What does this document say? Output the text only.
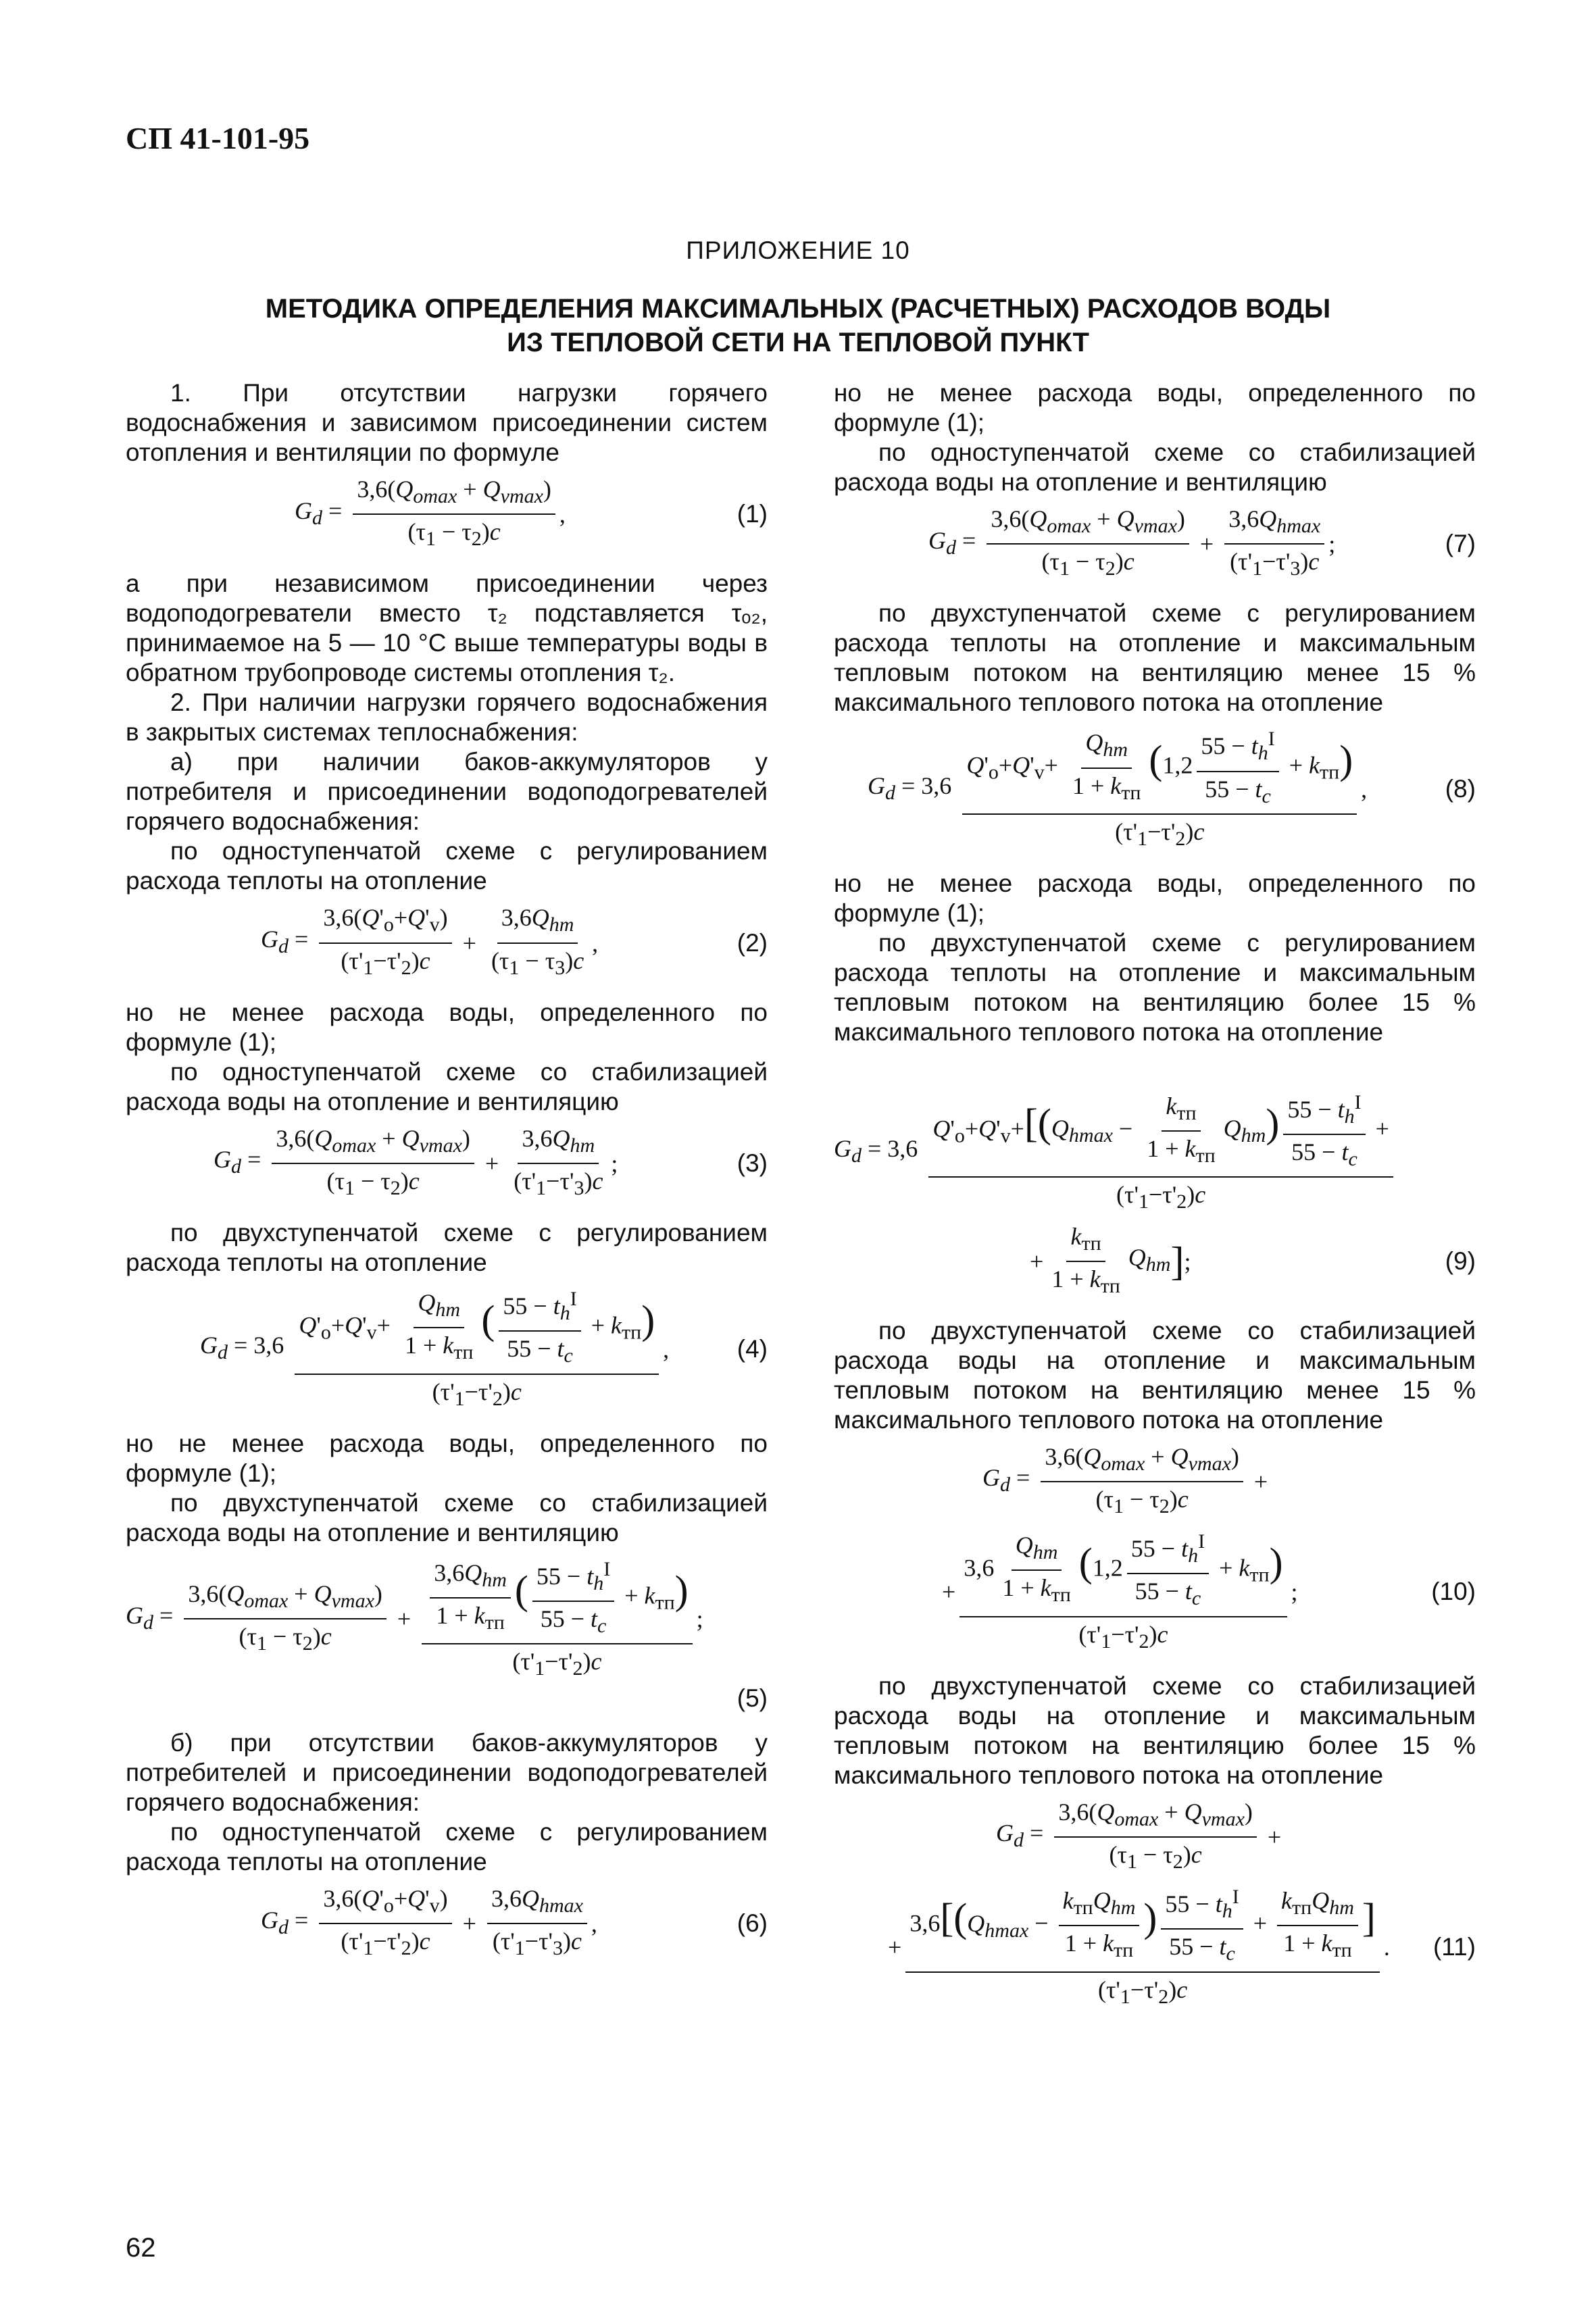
СП 41-101-95
ПРИЛОЖЕНИЕ 10
МЕТОДИКА ОПРЕДЕЛЕНИЯ МАКСИМАЛЬНЫХ (РАСЧЕТНЫХ) РАСХОДОВ ВОДЫ
ИЗ ТЕПЛОВОЙ СЕТИ НА ТЕПЛОВОЙ ПУНКТ

1. При отсутствии нагрузки горячего водоснабжения и зависимом присоединении систем отопления и вентиляции по формуле

$G_d = \frac{3,6(Q_{omax} + Q_{vmax})}{(\tau_1 - \tau_2)c}$ ,	(1)

а при независимом присоединении через водоподогреватели вместо τ₂ подставляется τₒ₂, принимаемое на 5 — 10 °С выше температуры воды в обратном трубопроводе системы отопления τ₂.

2. При наличии нагрузки горячего водоснабжения в закрытых системах теплоснабжения:

а) при наличии баков-аккумуляторов у потребителя и присоединении водоподогревателей горячего водоснабжения:

по одноступенчатой схеме с регулированием расхода теплоты на отопление

$G_d = \frac{3,6(Q'_o+Q'_v)}{(\tau'_1-\tau'_2)c} + \frac{3,6Q_{hm}}{(\tau_1 - \tau_3)c}$ ,	(2)

но не менее расхода воды, определенного по формуле (1);

по одноступенчатой схеме со стабилизацией расхода воды на отопление и вентиляцию

$G_d = \frac{3,6(Q_{omax} + Q_{vmax})}{(\tau_1 - \tau_2)c} + \frac{3,6Q_{hm}}{(\tau'_1-\tau'_3)c}$ ;	(3)

по двухступенчатой схеме с регулированием расхода теплоты на отопление

$G_d = 3,6 \frac{Q'_o+Q'_v+ \frac{Q_{hm}}{1 + k_{тп}} ( \frac{55 - t_h^I}{55 - t_c} + k_{тп})}{(\tau'_1-\tau'_2)c}$ ,	(4)

но не менее расхода воды, определенного по формуле (1);

по двухступенчатой схеме со стабилизацией расхода воды на отопление и вентиляцию

$G_d = \frac{3,6(Q_{omax} + Q_{vmax})}{(\tau_1 - \tau_2)c} + \frac{\frac{3,6Q_{hm}}{1 + k_{тп}} ( \frac{55 - t_h^I}{55 - t_c} + k_{тп})}{(\tau'_1-\tau'_2)c}$ ;
(5)

б) при отсутствии баков-аккумуляторов у потребителей и присоединении водоподогревателей горячего водоснабжения:

по одноступенчатой схеме с регулированием расхода теплоты на отопление

$G_d = \frac{3,6(Q'_o+Q'_v)}{(\tau'_1-\tau'_2)c} + \frac{3,6Q_{hmax}}{(\tau'_1-\tau'_3)c}$ ,	(6)

но не менее расхода воды, определенного по формуле (1);

по одноступенчатой схеме со стабилизацией расхода воды на отопление и вентиляцию

$G_d = \frac{3,6(Q_{omax} + Q_{vmax})}{(\tau_1 - \tau_2)c} + \frac{3,6Q_{hmax}}{(\tau'_1-\tau'_3)c}$ ;	(7)

по двухступенчатой схеме с регулированием расхода теплоты на отопление и максимальным тепловым потоком на вентиляцию менее 15 % максимального теплового потока на отопление

$G_d = 3,6 \frac{Q'_o+Q'_v+ \frac{Q_{hm}}{1 + k_{тп}} (1,2 \frac{55 - t_h^I}{55 - t_c} + k_{тп})}{(\tau'_1-\tau'_2)c}$ ,	(8)

но не менее расхода воды, определенного по формуле (1);

по двухступенчатой схеме с регулированием расхода теплоты на отопление и максимальным тепловым потоком на вентиляцию более 15 % максимального теплового потока на отопление

$G_d = 3,6 \frac{Q'_o+Q'_v+[(Q_{hmax} - \frac{k_{тп}}{1 + k_{тп}} Q_{hm}) \frac{55 - t_h^I}{55 - t_c} +}{(\tau'_1-\tau'_2)c}$
+ $\frac{k_{тп}}{1 + k_{тп}} Q_{hm}$ ] ;	(9)

по двухступенчатой схеме со стабилизацией расхода воды на отопление и максимальным тепловым потоком на вентиляцию менее 15 % максимального теплового потока на отопление

$G_d = \frac{3,6(Q_{omax} + Q_{vmax})}{(\tau_1 - \tau_2)c}$ +
+ $\frac{3,6 \frac{Q_{hm}}{1 + k_{тп}} (1,2 \frac{55 - t_h^I}{55 - t_c} + k_{тп})}{(\tau'_1-\tau'_2)c}$ ;	(10)

по двухступенчатой схеме со стабилизацией расхода воды на отопление и максимальным тепловым потоком на вентиляцию более 15 % максимального теплового потока на отопление

$G_d = \frac{3,6(Q_{omax} + Q_{vmax})}{(\tau_1 - \tau_2)c}$ +
+ $\frac{3,6[(Q_{hmax} - \frac{k_{тп}Q_{hm}}{1 + k_{тп}} ) \frac{55 - t_h^I}{55 - t_c} + \frac{k_{тп}Q_{hm}}{1 + k_{тп}} ]}{(\tau'_1-\tau'_2)c}$ . (11)
62
